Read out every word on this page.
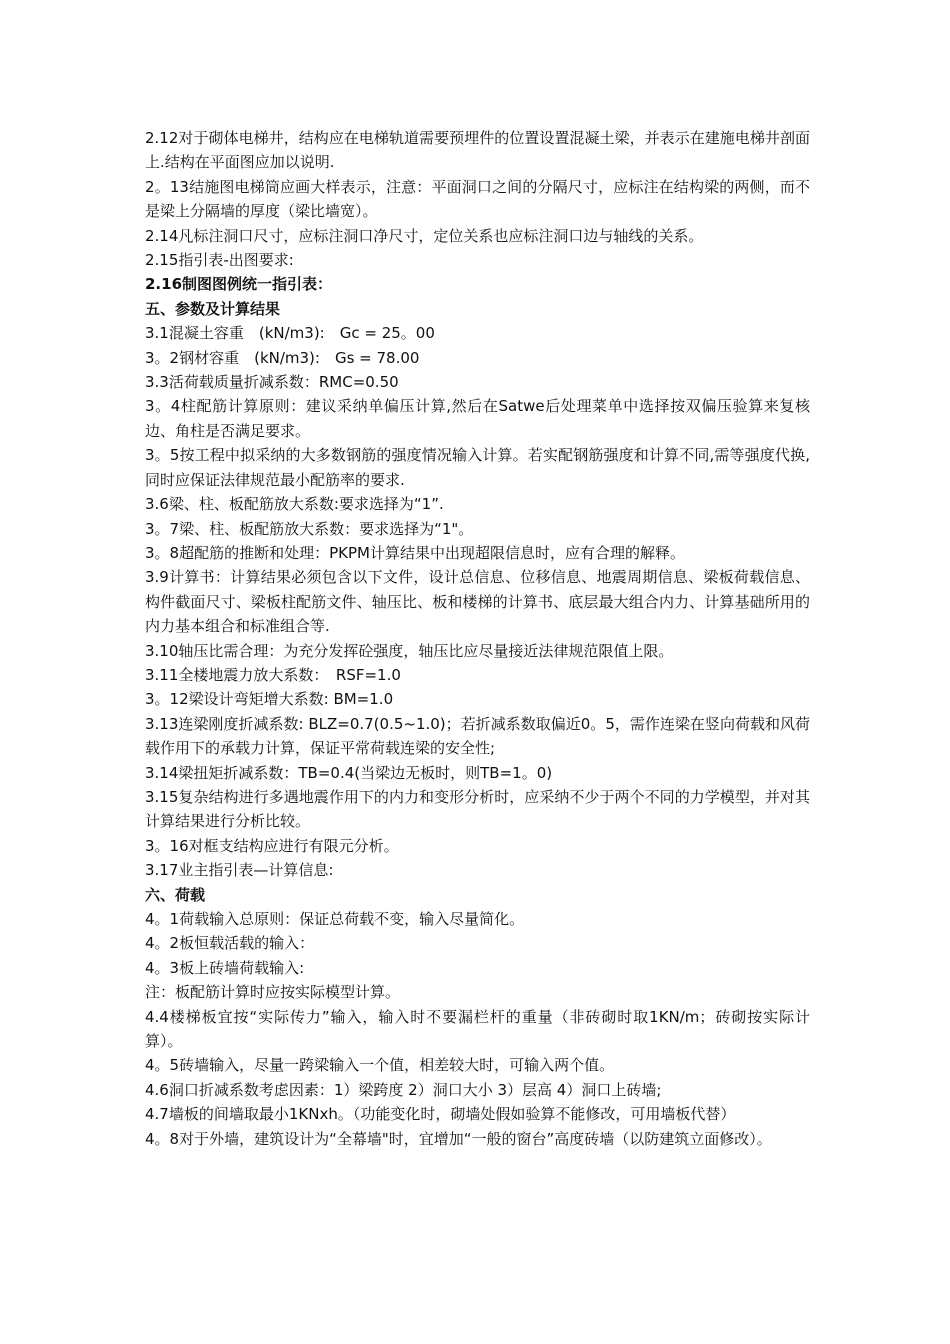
2.12对于砌体电梯井，结构应在电梯轨道需要预埋件的位置设置混凝土梁，并表示在建施电梯井剖面上.结构在平面图应加以说明.

2。13结施图电梯筒应画大样表示，注意：平面洞口之间的分隔尺寸，应标注在结构梁的两侧，而不是梁上分隔墙的厚度（梁比墙宽）。

2.14凡标注洞口尺寸，应标注洞口净尺寸，定位关系也应标注洞口边与轴线的关系。

2.15指引表-出图要求:

2.16制图图例统一指引表：

五、参数及计算结果

3.1混凝土容重　(kN/m3):　Gc = 25。00

3。2钢材容重　(kN/m3):　Gs = 78.00

3.3活荷载质量折减系数：RMC=0.50

3。4柱配筋计算原则：建议采纳单偏压计算,然后在Satwe后处理菜单中选择按双偏压验算来复核边、角柱是否满足要求。

3。5按工程中拟采纳的大多数钢筋的强度情况输入计算。若实配钢筋强度和计算不同,需等强度代换,同时应保证法律规范最小配筋率的要求.

3.6梁、柱、板配筋放大系数:要求选择为“1”.

3。7梁、柱、板配筋放大系数：要求选择为“1"。

3。8超配筋的推断和处理：PKPM计算结果中出现超限信息时，应有合理的解释。

3.9计算书：计算结果必须包含以下文件，设计总信息、位移信息、地震周期信息、梁板荷载信息、构件截面尺寸、梁板柱配筋文件、轴压比、板和楼梯的计算书、底层最大组合内力、计算基础所用的内力基本组合和标准组合等.

3.10轴压比需合理：为充分发挥砼强度，轴压比应尽量接近法律规范限值上限。

3.11全楼地震力放大系数：　RSF=1.0

3。12梁设计弯矩增大系数: BM=1.0

3.13连梁刚度折减系数: BLZ=0.7(0.5~1.0)；若折减系数取偏近0。5，需作连梁在竖向荷载和风荷载作用下的承载力计算，保证平常荷载连梁的安全性;

3.14梁扭矩折减系数：TB=0.4(当梁边无板时，则TB=1。0)

3.15复杂结构进行多遇地震作用下的内力和变形分析时，应采纳不少于两个不同的力学模型，并对其计算结果进行分析比较。

3。16对框支结构应进行有限元分析。

3.17业主指引表—计算信息:

六、荷载

4。1荷载输入总原则：保证总荷载不变，输入尽量简化。

4。2板恒载活载的输入：

4。3板上砖墙荷载输入:

注：板配筋计算时应按实际模型计算。

4.4楼梯板宜按“实际传力”输入，输入时不要漏栏杆的重量（非砖砌时取1KN/m；砖砌按实际计算）。

4。5砖墙输入，尽量一跨梁输入一个值，相差较大时，可输入两个值。

4.6洞口折减系数考虑因素：1）梁跨度 2）洞口大小 3）层高 4）洞口上砖墙;

4.7墙板的间墙取最小1KNxh。（功能变化时，砌墙处假如验算不能修改，可用墙板代替）

4。8对于外墙，建筑设计为“全幕墙"时，宜增加“一般的窗台”高度砖墙（以防建筑立面修改）。
